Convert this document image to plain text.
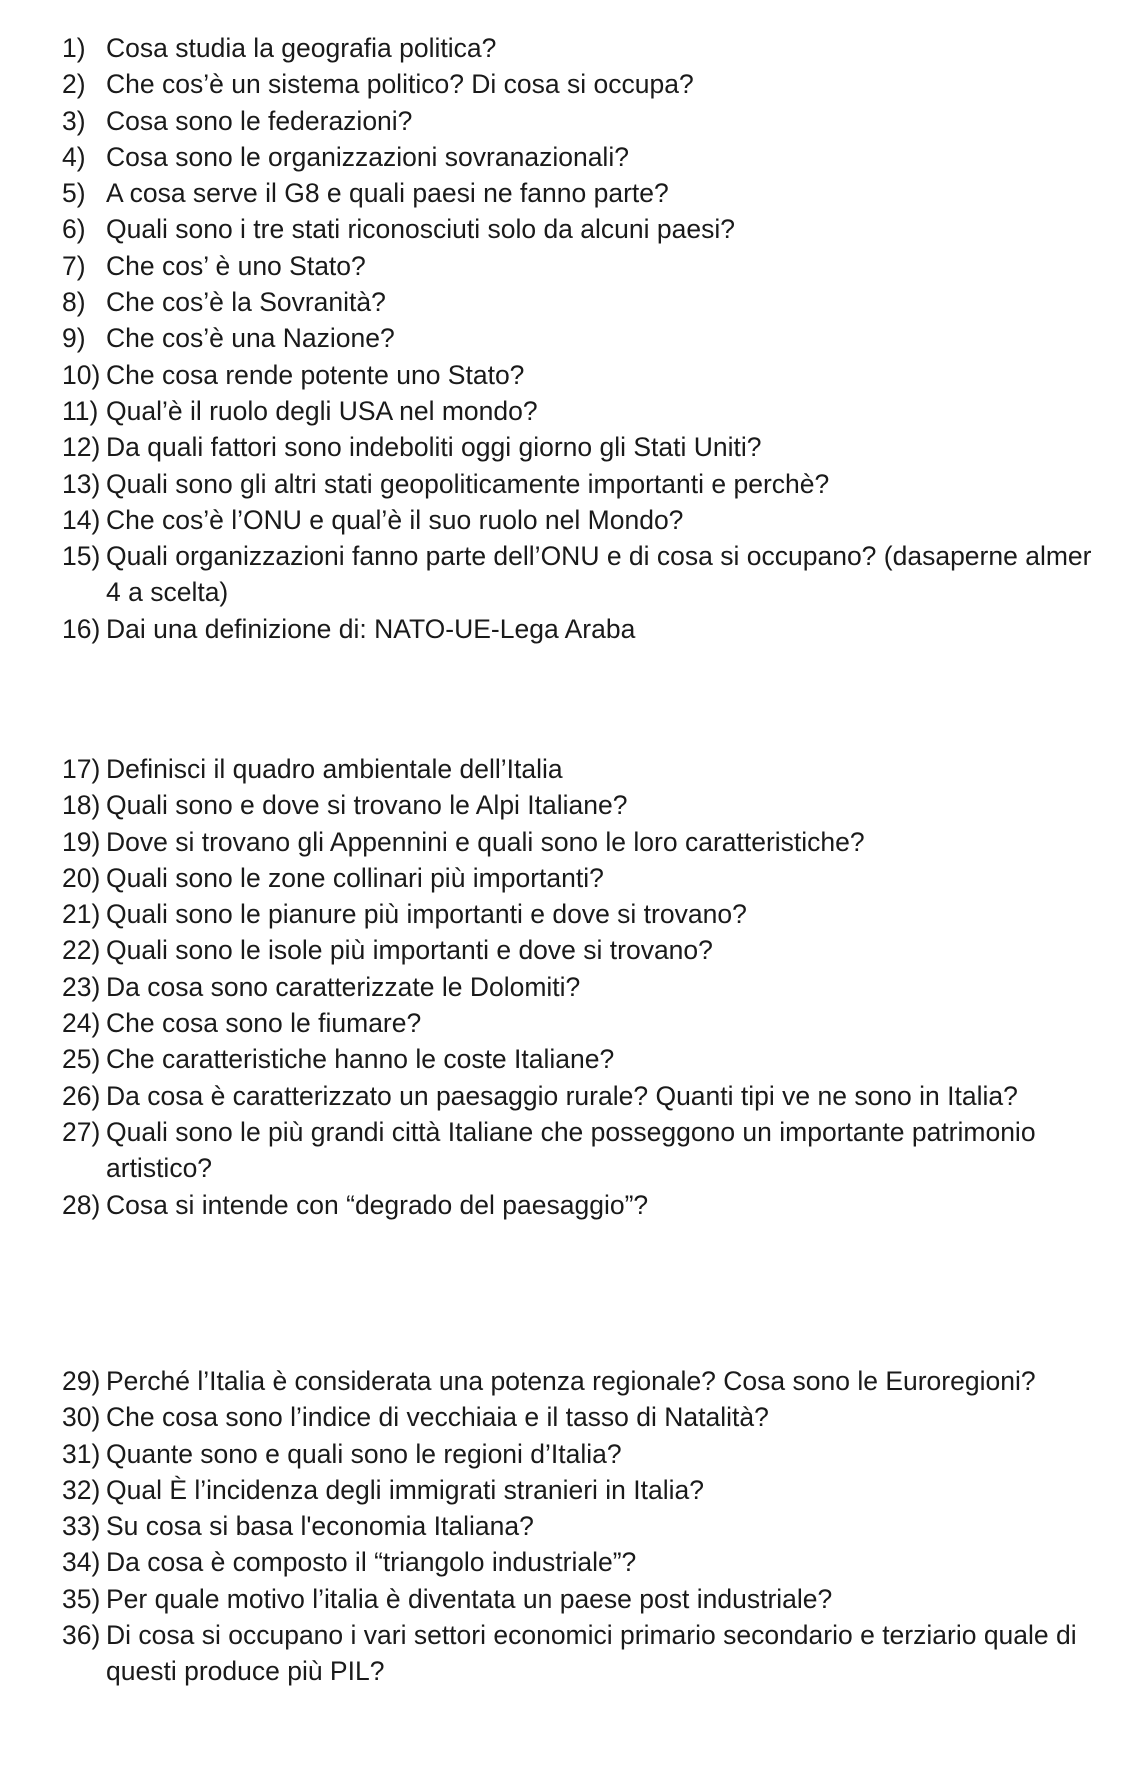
1) Cosa studia la geografia politica?
2) Che cos’è un sistema politico? Di cosa si occupa?
3) Cosa sono le federazioni?
4) Cosa sono le organizzazioni sovranazionali?
5) A cosa serve il G8 e quali paesi ne fanno parte?
6) Quali sono i tre stati riconosciuti solo da alcuni paesi?
7) Che cos’ è uno Stato?
8) Che cos’è la Sovranità?
9) Che cos’è una Nazione?
10) Che cosa rende potente uno Stato?
11) Qual’è il ruolo degli USA nel mondo?
12) Da quali fattori sono indeboliti oggi giorno gli Stati Uniti?
13) Quali sono gli altri stati geopoliticamente importanti e perchè?
14) Che cos’è l’ONU e qual’è il suo ruolo nel Mondo?
15) Quali organizzazioni fanno parte dell’ONU e di cosa si occupano? (dasaperne almer
4 a scelta)
16) Dai una definizione di: NATO-UE-Lega Araba
17) Definisci il quadro ambientale dell’Italia
18) Quali sono e dove si trovano le Alpi Italiane?
19) Dove si trovano gli Appennini e quali sono le loro caratteristiche?
20) Quali sono le zone collinari più importanti?
21) Quali sono le pianure più importanti e dove si trovano?
22) Quali sono le isole più importanti e dove si trovano?
23) Da cosa sono caratterizzate le Dolomiti?
24) Che cosa sono le fiumare?
25) Che caratteristiche hanno le coste Italiane?
26) Da cosa è caratterizzato un paesaggio rurale? Quanti tipi ve ne sono in Italia?
27) Quali sono le più grandi città Italiane che posseggono un importante patrimonio
artistico?
28) Cosa si intende con “degrado del paesaggio”?
29) Perché l’Italia è considerata una potenza regionale? Cosa sono le Euroregioni?
30) Che cosa sono l’indice di vecchiaia e il tasso di Natalità?
31) Quante sono e quali sono le regioni d’Italia?
32) Qual È l’incidenza degli immigrati stranieri in Italia?
33) Su cosa si basa l'economia Italiana?
34) Da cosa è composto il “triangolo industriale”?
35) Per quale motivo l’italia è diventata un paese post industriale?
36) Di cosa si occupano i vari settori economici primario secondario e terziario quale di
questi produce più PIL?
